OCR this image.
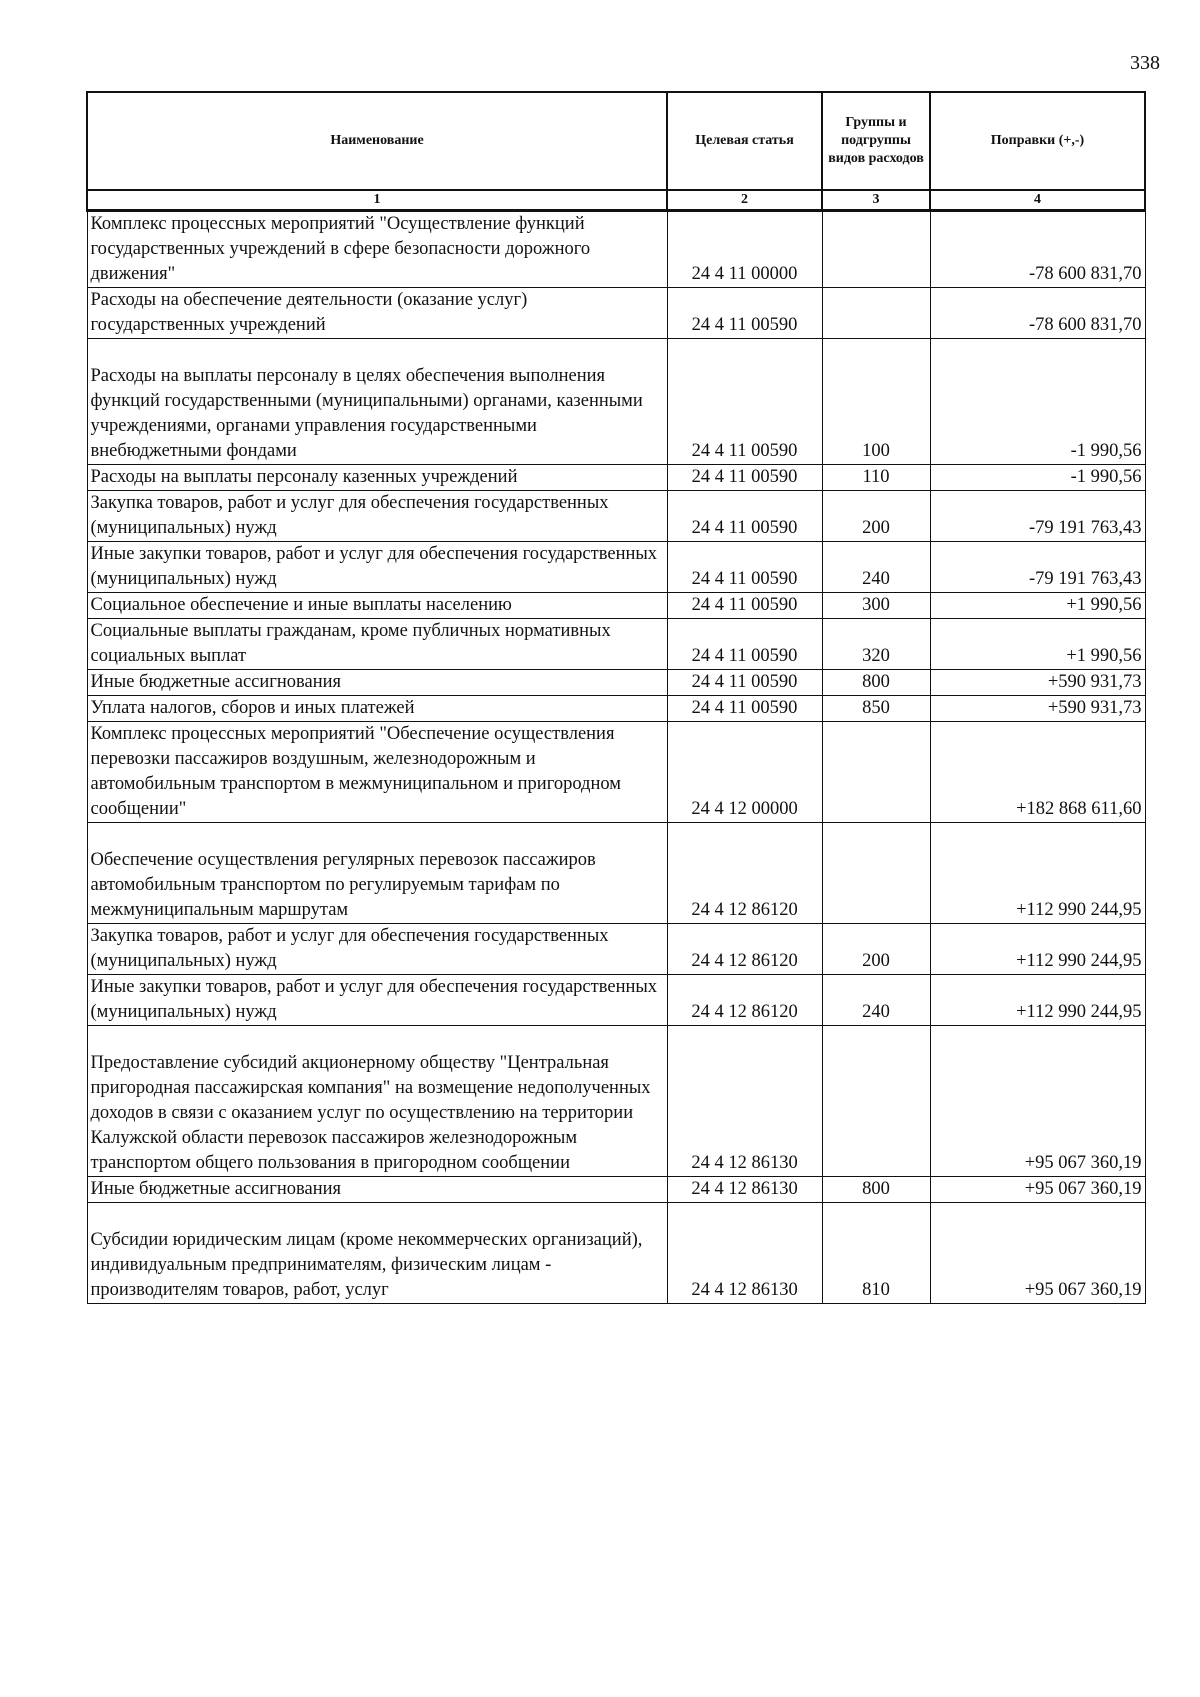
338
Наименование	Целевая статья	Группы и подгруппы видов расходов	Поправки (+,-)
1	2	3	4
Комплекс процессных мероприятий "Осуществление функций государственных учреждений в сфере безопасности дорожного движения"	24 4 11 00000		-78 600 831,70
Расходы на обеспечение деятельности (оказание услуг) государственных учреждений	24 4 11 00590		-78 600 831,70
Расходы на выплаты персоналу в целях обеспечения выполнения функций государственными (муниципальными) органами, казенными учреждениями, органами управления государственными внебюджетными фондами	24 4 11 00590	100	-1 990,56
Расходы на выплаты персоналу казенных учреждений	24 4 11 00590	110	-1 990,56
Закупка товаров, работ и услуг для обеспечения государственных (муниципальных) нужд	24 4 11 00590	200	-79 191 763,43
Иные закупки товаров, работ и услуг для обеспечения государственных (муниципальных) нужд	24 4 11 00590	240	-79 191 763,43
Социальное обеспечение и иные выплаты населению	24 4 11 00590	300	+1 990,56
Социальные выплаты гражданам, кроме публичных нормативных социальных выплат	24 4 11 00590	320	+1 990,56
Иные бюджетные ассигнования	24 4 11 00590	800	+590 931,73
Уплата налогов, сборов и иных платежей	24 4 11 00590	850	+590 931,73
Комплекс процессных мероприятий "Обеспечение осуществления перевозки пассажиров воздушным, железнодорожным и автомобильным транспортом в межмуниципальном и пригородном сообщении"	24 4 12 00000		+182 868 611,60
Обеспечение осуществления регулярных перевозок пассажиров автомобильным транспортом по регулируемым тарифам по межмуниципальным маршрутам	24 4 12 86120		+112 990 244,95
Закупка товаров, работ и услуг для обеспечения государственных (муниципальных) нужд	24 4 12 86120	200	+112 990 244,95
Иные закупки товаров, работ и услуг для обеспечения государственных (муниципальных) нужд	24 4 12 86120	240	+112 990 244,95
Предоставление субсидий акционерному обществу "Центральная пригородная пассажирская компания" на возмещение недополученных доходов в связи с оказанием услуг по осуществлению на территории Калужской области перевозок пассажиров железнодорожным транспортом общего пользования в пригородном сообщении	24 4 12 86130		+95 067 360,19
Иные бюджетные ассигнования	24 4 12 86130	800	+95 067 360,19
Субсидии юридическим лицам (кроме некоммерческих организаций), индивидуальным предпринимателям, физическим лицам - производителям товаров, работ, услуг	24 4 12 86130	810	+95 067 360,19
